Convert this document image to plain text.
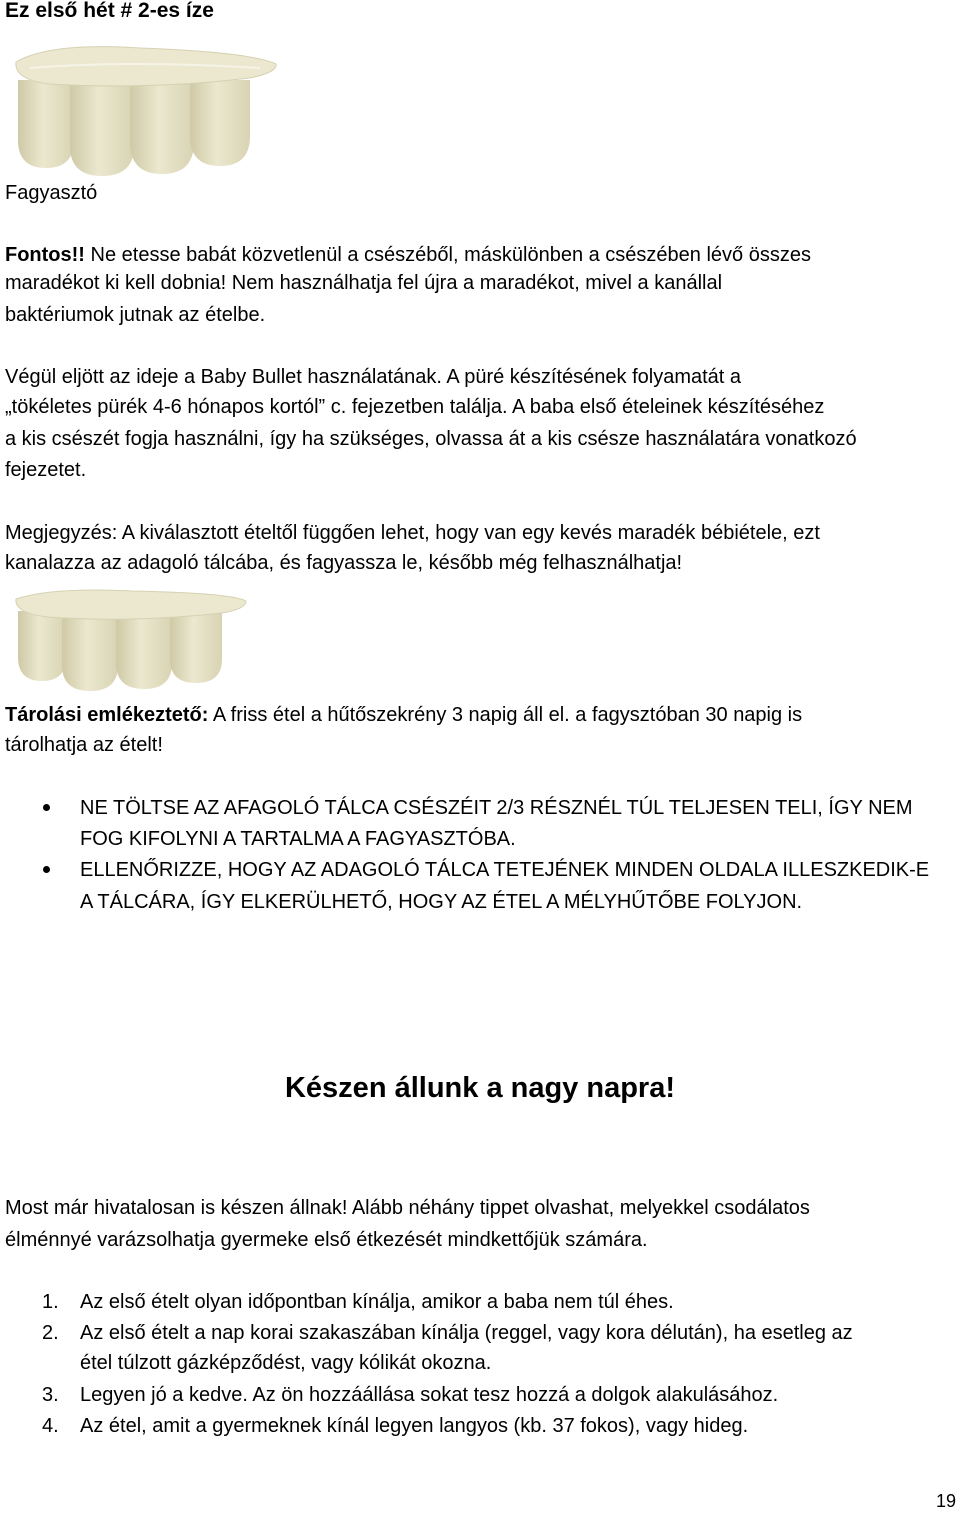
Ez első hét # 2-es íze
Fagyasztó
Fontos!! Ne etesse babát közvetlenül a csészéből, máskülönben a csészében lévő összes
maradékot ki kell dobnia! Nem használhatja fel újra a maradékot, mivel a kanállal
baktériumok jutnak az ételbe.
Végül eljött az ideje a Baby Bullet használatának. A püré készítésének folyamatát a
„tökéletes pürék 4-6 hónapos kortól” c. fejezetben találja. A baba első ételeinek készítéséhez
a kis csészét fogja használni, így ha szükséges, olvassa át a kis csésze használatára vonatkozó
fejezetet.
Megjegyzés: A kiválasztott ételtől függően lehet, hogy van egy kevés maradék bébiétele, ezt
kanalazza az adagoló tálcába, és fagyassza le, később még felhasználhatja!
Tárolási emlékeztető: A friss étel a hűtőszekrény 3 napig áll el. a fagysztóban 30 napig is
tárolhatja az ételt!
NE TÖLTSE AZ AFAGOLÓ TÁLCA CSÉSZÉIT 2/3 RÉSZNÉL TÚL TELJESEN TELI, ÍGY NEM
FOG KIFOLYNI A TARTALMA A FAGYASZTÓBA.
ELLENŐRIZZE, HOGY AZ ADAGOLÓ TÁLCA TETEJÉNEK MINDEN OLDALA ILLESZKEDIK-E
A TÁLCÁRA, ÍGY ELKERÜLHETŐ, HOGY AZ ÉTEL A MÉLYHŰTŐBE FOLYJON.
Készen állunk a nagy napra!
Most már hivatalosan is készen állnak! Alább néhány tippet olvashat, melyekkel csodálatos
élménnyé varázsolhatja gyermeke első étkezését mindkettőjük számára.
1. Az első ételt olyan időpontban kínálja, amikor a baba nem túl éhes.
2. Az első ételt a nap korai szakaszában kínálja (reggel, vagy kora délután), ha esetleg az
étel túlzott gázképződést, vagy kólikát okozna.
3. Legyen jó a kedve. Az ön hozzáállása sokat tesz hozzá a dolgok alakulásához.
4. Az étel, amit a gyermeknek kínál legyen langyos (kb. 37 fokos), vagy hideg.
19
